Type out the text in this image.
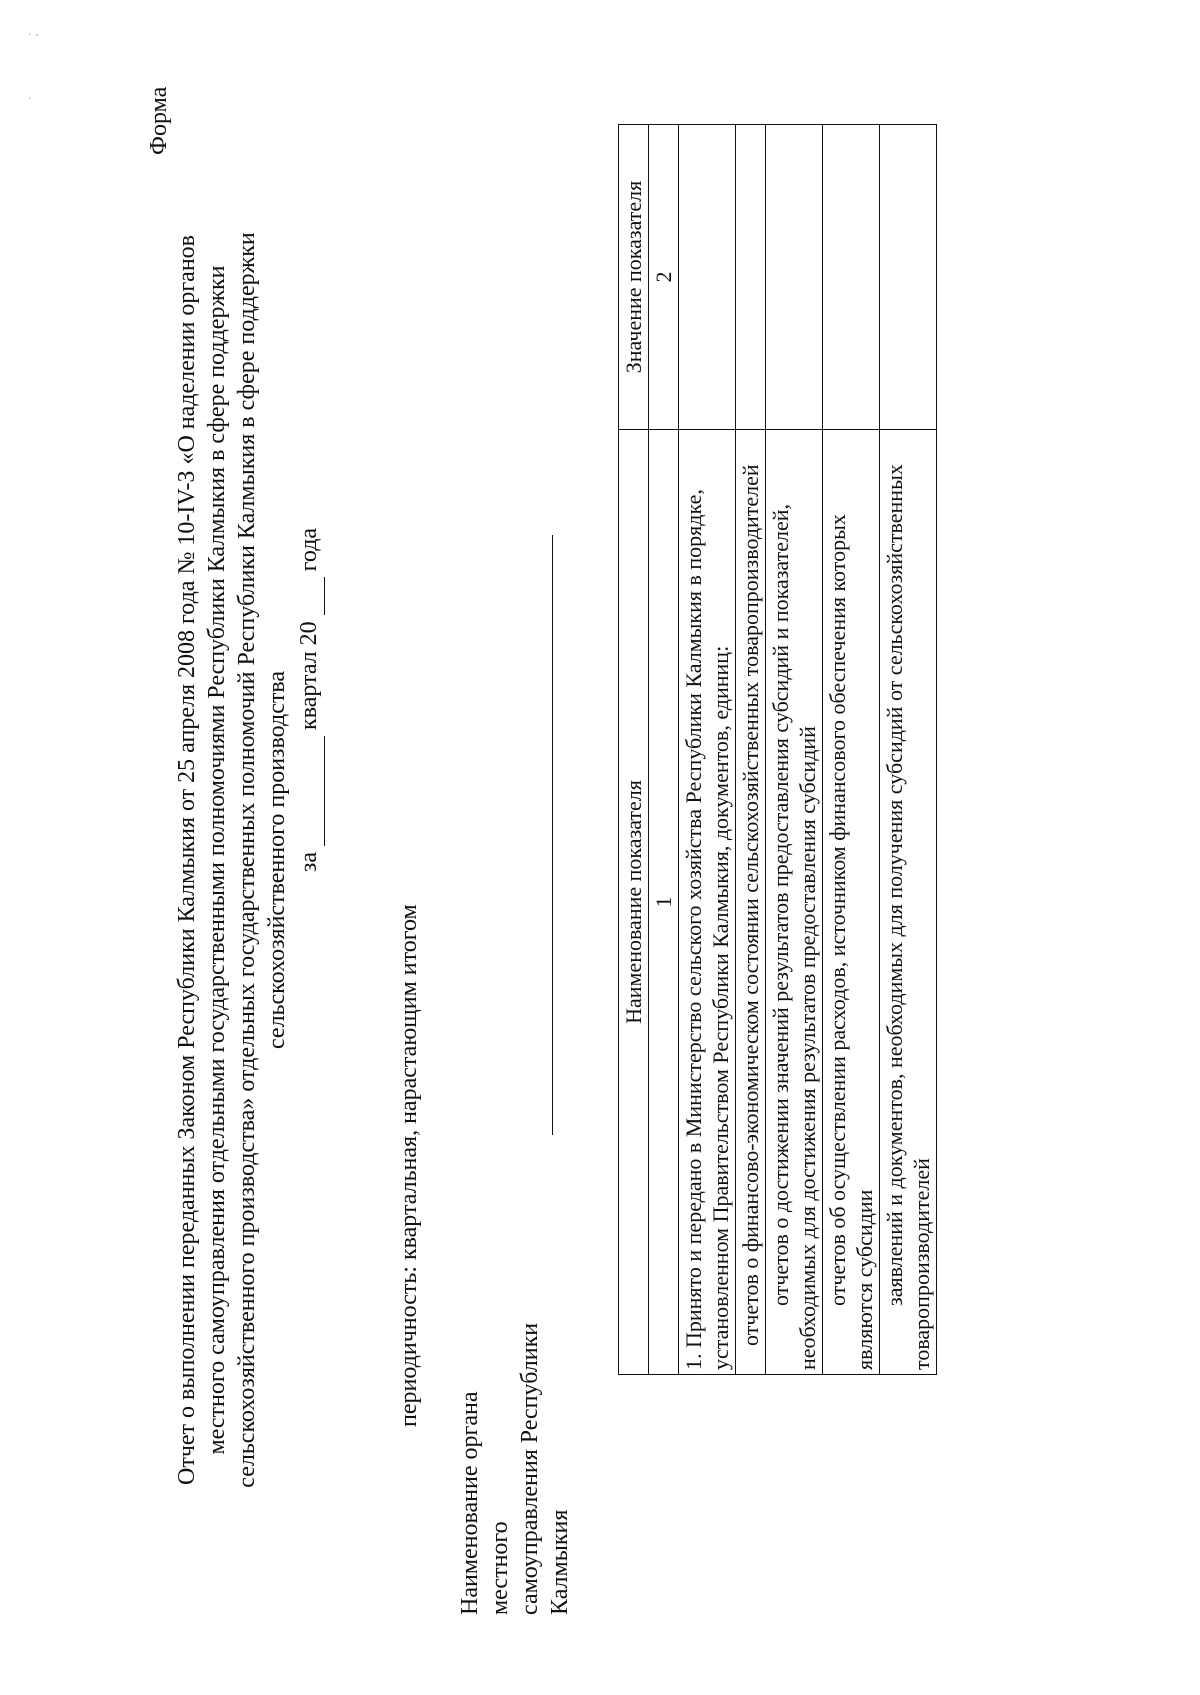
· -
·	Форма
Отчет о выполнении переданных Законом Республики Калмыкия от 25 апреля 2008 года № 10-IV-З «О наделении органов местного самоуправления отдельными государственными полномочиями Республики Калмыкия в сфере поддержки сельскохозяйственного производства» отдельных государственных полномочий Республики Калмыкия в сфере поддержки сельскохозяйственного производства за   квартал 20   года
периодичность: квартальная, нарастающим итогом
Наименование органа местного самоуправления Республики Калмыкия
Наименование показателя	Значение показателя
1	2
1. Принято и передано в Министерство сельского хозяйства Республики Калмыкия в порядке, установленном Правительством Республики Калмыкия, документов, единиц:	
отчетов о финансово-экономическом состоянии сельскохозяйственных товаропроизводителей	
отчетов о достижении значений результатов предоставления субсидий и показателей, необходимых для достижения результатов предоставления субсидий	
отчетов об осуществлении расходов, источником финансового обеспечения которых являются субсидии	
заявлений и документов, необходимых для получения субсидий от сельскохозяйственных товаропроизводителей	
